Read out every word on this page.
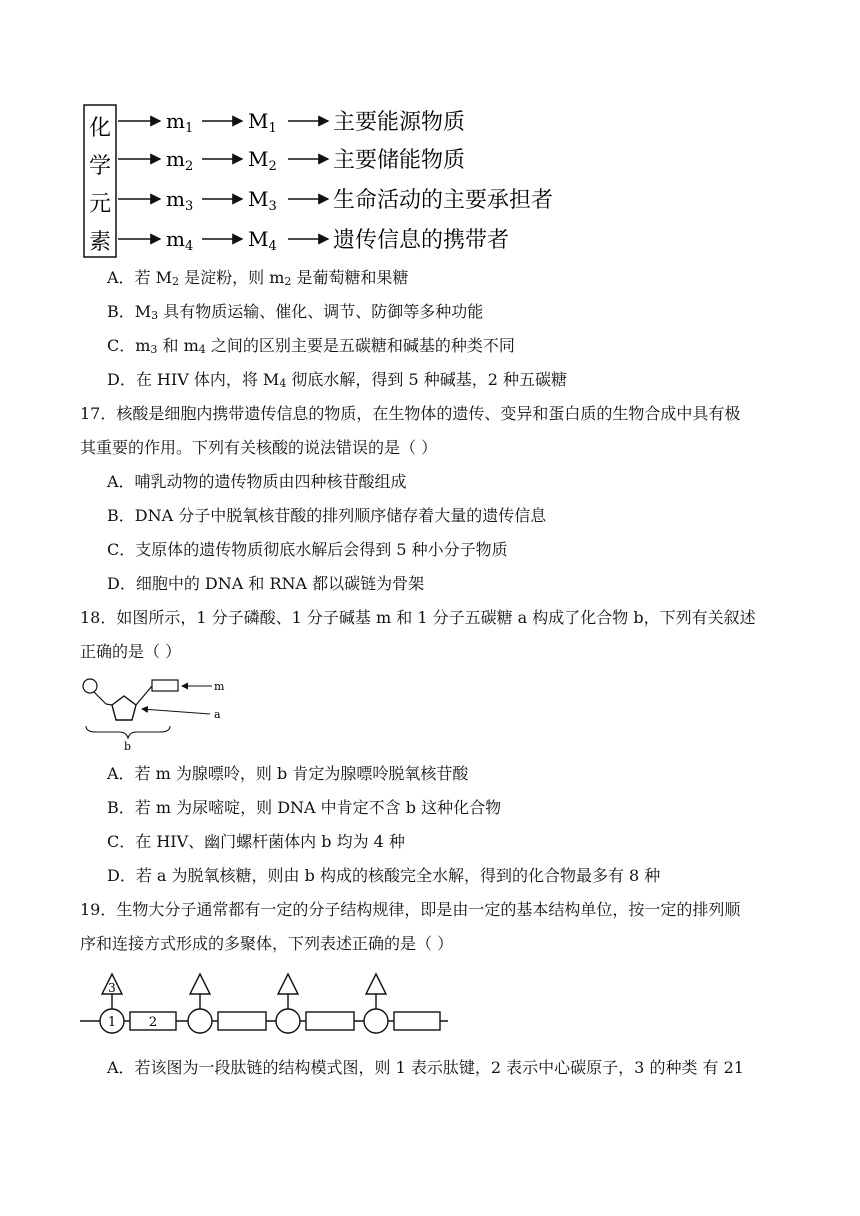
化
学
元
素
$m_1$	$M_1$	主要能源物质
$m_2$	$M_2$	主要储能物质
$m_3$	$M_3$	生命活动的主要承担者
$m_4$	$M_4$	遗传信息的携带者
A．若 $M_2$ 是淀粉，则 $m_2$ 是葡萄糖和果糖
B．$M_3$ 具有物质运输、催化、调节、防御等多种功能
C．$m_3$ 和 $m_4$ 之间的区别主要是五碳糖和碱基的种类不同
D．在 HIV 体内，将 $M_4$ 彻底水解，得到 5 种碱基，2 种五碳糖
17．核酸是细胞内携带遗传信息的物质，在生物体的遗传、变异和蛋白质的生物合成中具有极
其重要的作用。下列有关核酸的说法错误的是（ ）
A．哺乳动物的遗传物质由四种核苷酸组成
B．DNA 分子中脱氧核苷酸的排列顺序储存着大量的遗传信息
C．支原体的遗传物质彻底水解后会得到 5 种小分子物质
D．细胞中的 DNA 和 RNA 都以碳链为骨架
18．如图所示，1 分子磷酸、1 分子碱基 m 和 1 分子五碳糖 a 构成了化合物 b，下列有关叙述
正确的是（ ）
m
a
b
A．若 m 为腺嘌呤，则 b 肯定为腺嘌呤脱氧核苷酸
B．若 m 为尿嘧啶，则 DNA 中肯定不含 b 这种化合物
C．在 HIV、幽门螺杆菌体内 b 均为 4 种
D．若 a 为脱氧核糖，则由 b 构成的核酸完全水解，得到的化合物最多有 8 种
19．生物大分子通常都有一定的分子结构规律，即是由一定的基本结构单位，按一定的排列顺
序和连接方式形成的多聚体，下列表述正确的是（ ）
3
1	2
A．若该图为一段肽链的结构模式图，则 1 表示肽键，2 表示中心碳原子，3 的种类 有 21
